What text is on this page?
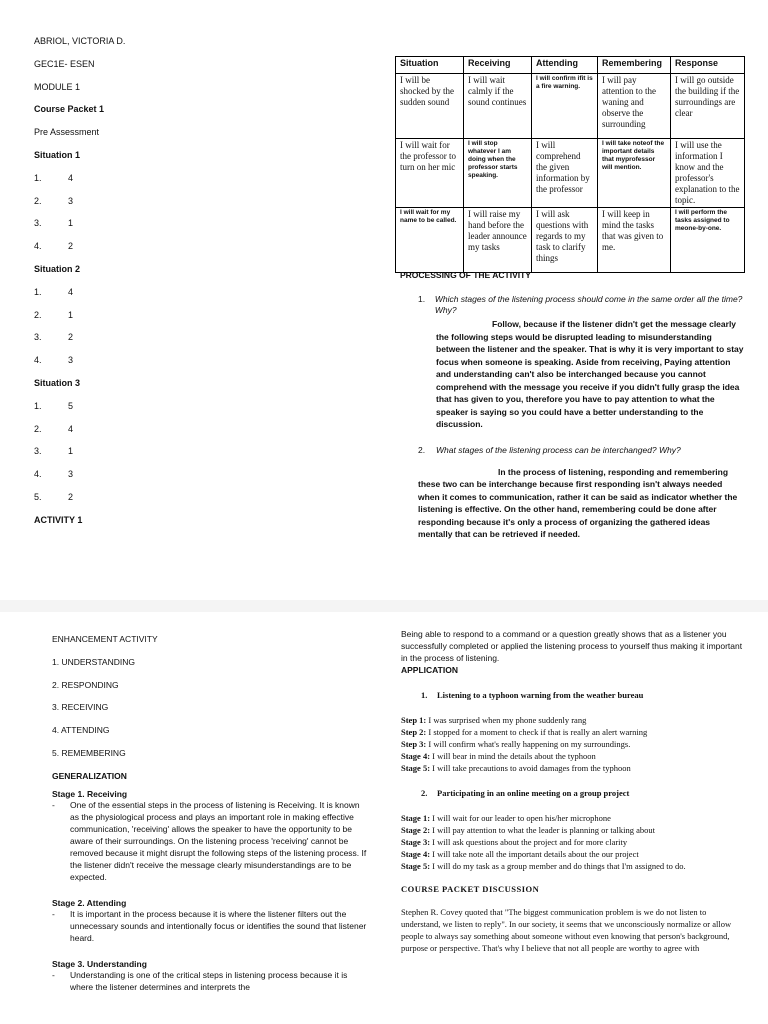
ABRIOL, VICTORIA D.
GEC1E- ESEN
MODULE 1
Course Packet 1
Pre Assessment
Situation 1
1.	4
2.	3
3.	1
4.	2
Situation 2
1.	4
2.	1
3.	2
4.	3
Situation 3
1.	5
2.	4
3.	1
4.	3
5.	2
ACTIVITY 1
Situation	Receiving	Attending	Remembering	Response
I will be shocked by the sudden sound	I will wait calmly if the sound continues	I will confirm ifit is a fire warning.	I will pay attention to the waning and observe the surrounding	I will go outside the building if the surroundings are clear
I will wait for the professor to turn on her mic	I will stop whatever I am doing when the professor starts speaking.	I will comprehend the given information by the professor	I will take noteof the important details that myprofessor will mention.	I will use the information I know and the professor's explanation to the topic.
I will wait for my name to be called.	I will raise my hand before the leader announce my tasks	I will ask questions with regards to my task to clarify things	I will keep in mind the tasks that was given to me.	I will perform the tasks assigned to meone-by-one.
PROCESSING OF THE ACTIVITY
1.	Which stages of the listening process should come in the same order all the time? Why?
Follow, because if the listener didn't get the message clearly the following steps would be disrupted leading to misunderstanding between the listener and the speaker. That is why it is very important to stay focus when someone is speaking. Aside from receiving, Paying attention and understanding can't also be interchanged because you cannot comprehend with the message you receive if you didn't fully grasp the idea that has given to you, therefore you have to pay attention to what the speaker is saying so you could have a better understanding to the discussion.
2.	What stages of the listening process can be interchanged? Why?
In the process of listening, responding and remembering these two can be interchange because first responding isn't always needed when it comes to communication, rather it can be said as indicator whether the listening is effective. On the other hand, remembering could be done after responding because it's only a process of organizing the gathered ideas mentally that can be retrieved if needed.
ENHANCEMENT ACTIVITY
1. UNDERSTANDING
2. RESPONDING
3. RECEIVING
4. ATTENDING
5. REMEMBERING
GENERALIZATION
Stage 1. Receiving
-	One of the essential steps in the process of listening is Receiving. It is known as the physiological process and plays an important role in making effective communication, 'receiving' allows the speaker to have the opportunity to be aware of their surroundings. On the listening process 'receiving' cannot be removed because it might disrupt the following steps of the listening process. If the listener didn't receive the message clearly misunderstandings are to be expected.
Stage 2. Attending
-	It is important in the process because it is where the listener filters out the unnecessary sounds and intentionally focus or identifies the sound that listener heard.
Stage 3. Understanding
-	Understanding is one of the critical steps in listening process because it is where the listener determines and interprets the

Being able to respond to a command or a question greatly shows that as a listener you successfully completed or applied the listening process to yourself thus making it important in the process of listening.

APPLICATION

1.	Listening to a typhoon warning from the weather bureau
Step 1: I was surprised when my phone suddenly rang
Step 2: I stopped for a moment to check if that is really an alert warning
Step 3: I will confirm what's really happening on my surroundings.
Stage 4: I will bear in mind the details about the typhoon
Stage 5: I will take precautions to avoid damages from the typhoon
2.	Participating in an online meeting on a group project
Stage 1: I will wait for our leader to open his/her microphone
Stage 2: I will pay attention to what the leader is planning or talking about
Stage 3: I will ask questions about the project and for more clarity
Stage 4: I will take note all the important details about the our project
Stage 5: I will do my task as a group member and do things that I'm assigned to do.
COURSE PACKET DISCUSSION
Stephen R. Covey quoted that "The biggest communication problem is we do not listen to understand, we listen to reply". In our society, it seems that we unconsciously normalize or allow people to always say something about someone without even knowing that person's background, purpose or perspective. That's why I believe that not all people are worthy to agree with
